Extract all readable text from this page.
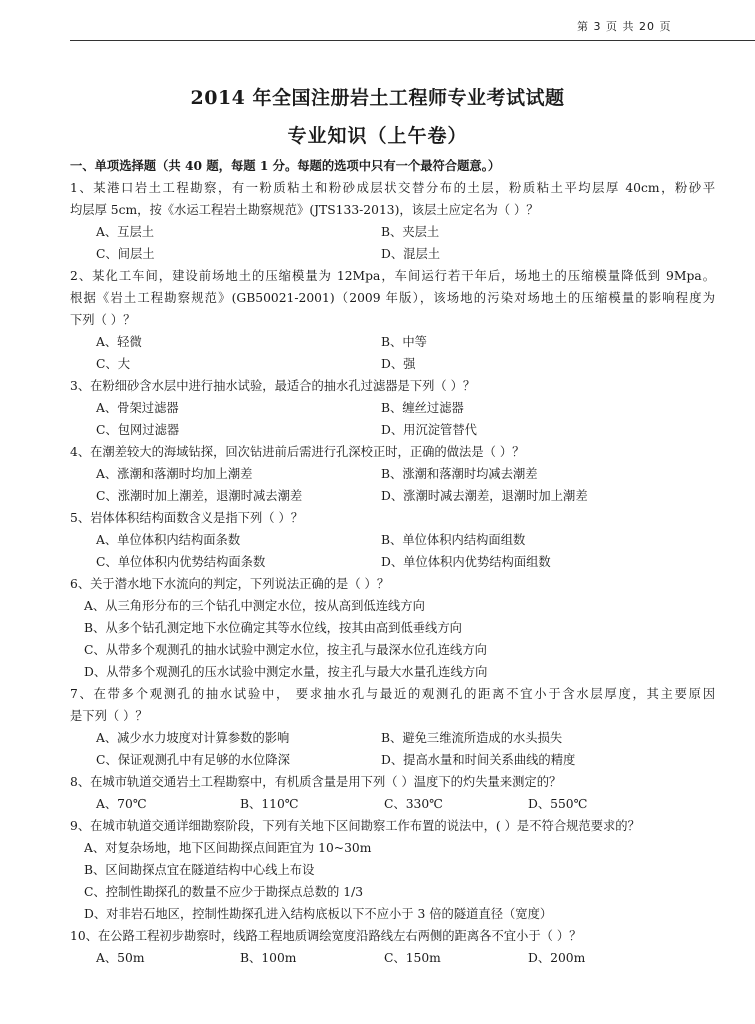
第 3 页 共 20 页
2014 年全国注册岩土工程师专业考试试题
专业知识（上午卷）
一、单项选择题（共 40 题，每题 1 分。每题的选项中只有一个最符合题意。）
1、某港口岩土工程勘察，有一粉质粘土和粉砂成层状交替分布的土层，粉质粘土平均层厚 40cm，粉砂平
均层厚 5cm，按《水运工程岩土勘察规范》(JTS133-2013)，该层土应定名为（ ）？
A、互层土	B、夹层土
C、间层土	D、混层土
2、某化工车间，建设前场地土的压缩模量为 12Mpa，车间运行若干年后，场地土的压缩模量降低到 9Mpa。
根据《岩土工程勘察规范》(GB50021-2001)（2009 年版），该场地的污染对场地土的压缩模量的影响程度为
下列（ ）？
A、轻微	B、中等
C、大	D、强
3、在粉细砂含水层中进行抽水试验，最适合的抽水孔过滤器是下列（ ）？
A、骨架过滤器	B、缠丝过滤器
C、包网过滤器	D、用沉淀管替代
4、在潮差较大的海域钻探，回次钻进前后需进行孔深校正时，正确的做法是（ ）？
A、涨潮和落潮时均加上潮差	B、涨潮和落潮时均减去潮差
C、涨潮时加上潮差，退潮时减去潮差	D、涨潮时减去潮差，退潮时加上潮差
5、岩体体积结构面数含义是指下列（ ）？
A、单位体积内结构面条数	B、单位体积内结构面组数
C、单位体积内优势结构面条数	D、单位体积内优势结构面组数
6、关于潜水地下水流向的判定，下列说法正确的是（ ）？
A、从三角形分布的三个钻孔中测定水位，按从高到低连线方向
B、从多个钻孔测定地下水位确定其等水位线，按其由高到低垂线方向
C、从带多个观测孔的抽水试验中测定水位，按主孔与最深水位孔连线方向
D、从带多个观测孔的压水试验中测定水量，按主孔与最大水量孔连线方向
7、在带多个观测孔的抽水试验中， 要求抽水孔与最近的观测孔的距离不宜小于含水层厚度，其主要原因
是下列（ ）？
A、减少水力坡度对计算参数的影响	B、避免三维流所造成的水头损失
C、保证观测孔中有足够的水位降深	D、提高水量和时间关系曲线的精度
8、在城市轨道交通岩土工程勘察中，有机质含量是用下列（ ）温度下的灼失量来测定的？
A、70℃	B、110℃	C、330℃	D、550℃
9、在城市轨道交通详细勘察阶段，下列有关地下区间勘察工作布置的说法中，( ）是不符合规范要求的？
A、对复杂场地，地下区间勘探点间距宜为 10~30m
B、区间勘探点宜在隧道结构中心线上布设
C、控制性勘探孔的数量不应少于勘探点总数的 1/3
D、对非岩石地区，控制性勘探孔进入结构底板以下不应小于 3 倍的隧道直径（宽度）
10、在公路工程初步勘察时，线路工程地质调绘宽度沿路线左右两侧的距离各不宜小于（ ）？
A、50m	B、100m	C、150m	D、200m
